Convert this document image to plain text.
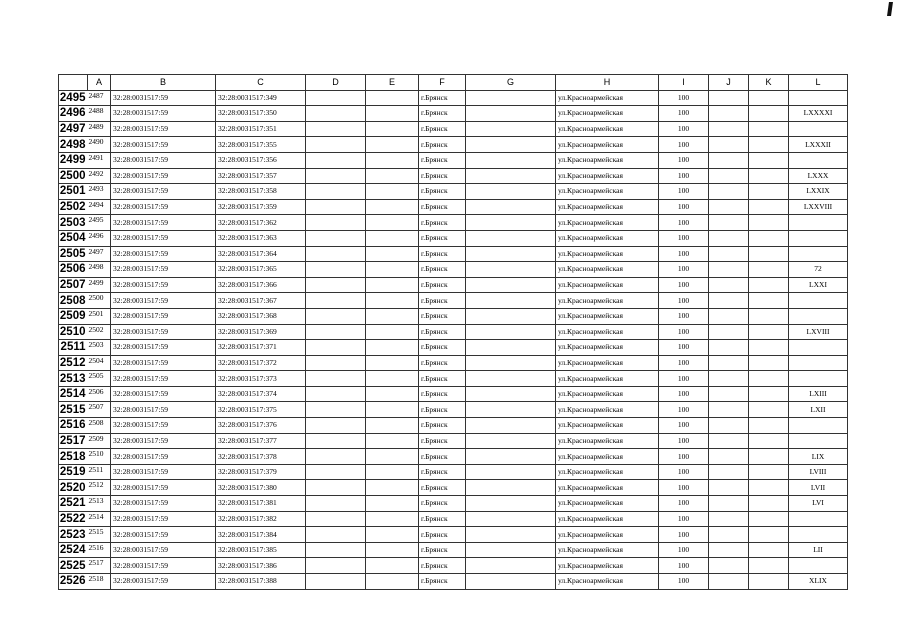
	A	B	C	D	E	F	G	H	I	J	K	L
2495	2487	32:28:0031517:59	32:28:0031517:349			г.Брянск		ул.Красноармейская	100			
2496	2488	32:28:0031517:59	32:28:0031517:350			г.Брянск		ул.Красноармейская	100			LXXXXI
2497	2489	32:28:0031517:59	32:28:0031517:351			г.Брянск		ул.Красноармейская	100			
2498	2490	32:28:0031517:59	32:28:0031517:355			г.Брянск		ул.Красноармейская	100			LXXXII
2499	2491	32:28:0031517:59	32:28:0031517:356			г.Брянск		ул.Красноармейская	100			
2500	2492	32:28:0031517:59	32:28:0031517:357			г.Брянск		ул.Красноармейская	100			LXXX
2501	2493	32:28:0031517:59	32:28:0031517:358			г.Брянск		ул.Красноармейская	100			LXXIX
2502	2494	32:28:0031517:59	32:28:0031517:359			г.Брянск		ул.Красноармейская	100			LXXVIII
2503	2495	32:28:0031517:59	32:28:0031517:362			г.Брянск		ул.Красноармейская	100			
2504	2496	32:28:0031517:59	32:28:0031517:363			г.Брянск		ул.Красноармейская	100			
2505	2497	32:28:0031517:59	32:28:0031517:364			г.Брянск		ул.Красноармейская	100			
2506	2498	32:28:0031517:59	32:28:0031517:365			г.Брянск		ул.Красноармейская	100			72
2507	2499	32:28:0031517:59	32:28:0031517:366			г.Брянск		ул.Красноармейская	100			LXXI
2508	2500	32:28:0031517:59	32:28:0031517:367			г.Брянск		ул.Красноармейская	100			
2509	2501	32:28:0031517:59	32:28:0031517:368			г.Брянск		ул.Красноармейская	100			
2510	2502	32:28:0031517:59	32:28:0031517:369			г.Брянск		ул.Красноармейская	100			LXVIII
2511	2503	32:28:0031517:59	32:28:0031517:371			г.Брянск		ул.Красноармейская	100			
2512	2504	32:28:0031517:59	32:28:0031517:372			г.Брянск		ул.Красноармейская	100			
2513	2505	32:28:0031517:59	32:28:0031517:373			г.Брянск		ул.Красноармейская	100			
2514	2506	32:28:0031517:59	32:28:0031517:374			г.Брянск		ул.Красноармейская	100			LXIII
2515	2507	32:28:0031517:59	32:28:0031517:375			г.Брянск		ул.Красноармейская	100			LXII
2516	2508	32:28:0031517:59	32:28:0031517:376			г.Брянск		ул.Красноармейская	100			
2517	2509	32:28:0031517:59	32:28:0031517:377			г.Брянск		ул.Красноармейская	100			
2518	2510	32:28:0031517:59	32:28:0031517:378			г.Брянск		ул.Красноармейская	100			LIX
2519	2511	32:28:0031517:59	32:28:0031517:379			г.Брянск		ул.Красноармейская	100			LVIII
2520	2512	32:28:0031517:59	32:28:0031517:380			г.Брянск		ул.Красноармейская	100			LVII
2521	2513	32:28:0031517:59	32:28:0031517:381			г.Брянск		ул.Красноармейская	100			LVI
2522	2514	32:28:0031517:59	32:28:0031517:382			г.Брянск		ул.Красноармейская	100			
2523	2515	32:28:0031517:59	32:28:0031517:384			г.Брянск		ул.Красноармейская	100			
2524	2516	32:28:0031517:59	32:28:0031517:385			г.Брянск		ул.Красноармейская	100			LII
2525	2517	32:28:0031517:59	32:28:0031517:386			г.Брянск		ул.Красноармейская	100			
2526	2518	32:28:0031517:59	32:28:0031517:388			г.Брянск		ул.Красноармейская	100			XLIX
